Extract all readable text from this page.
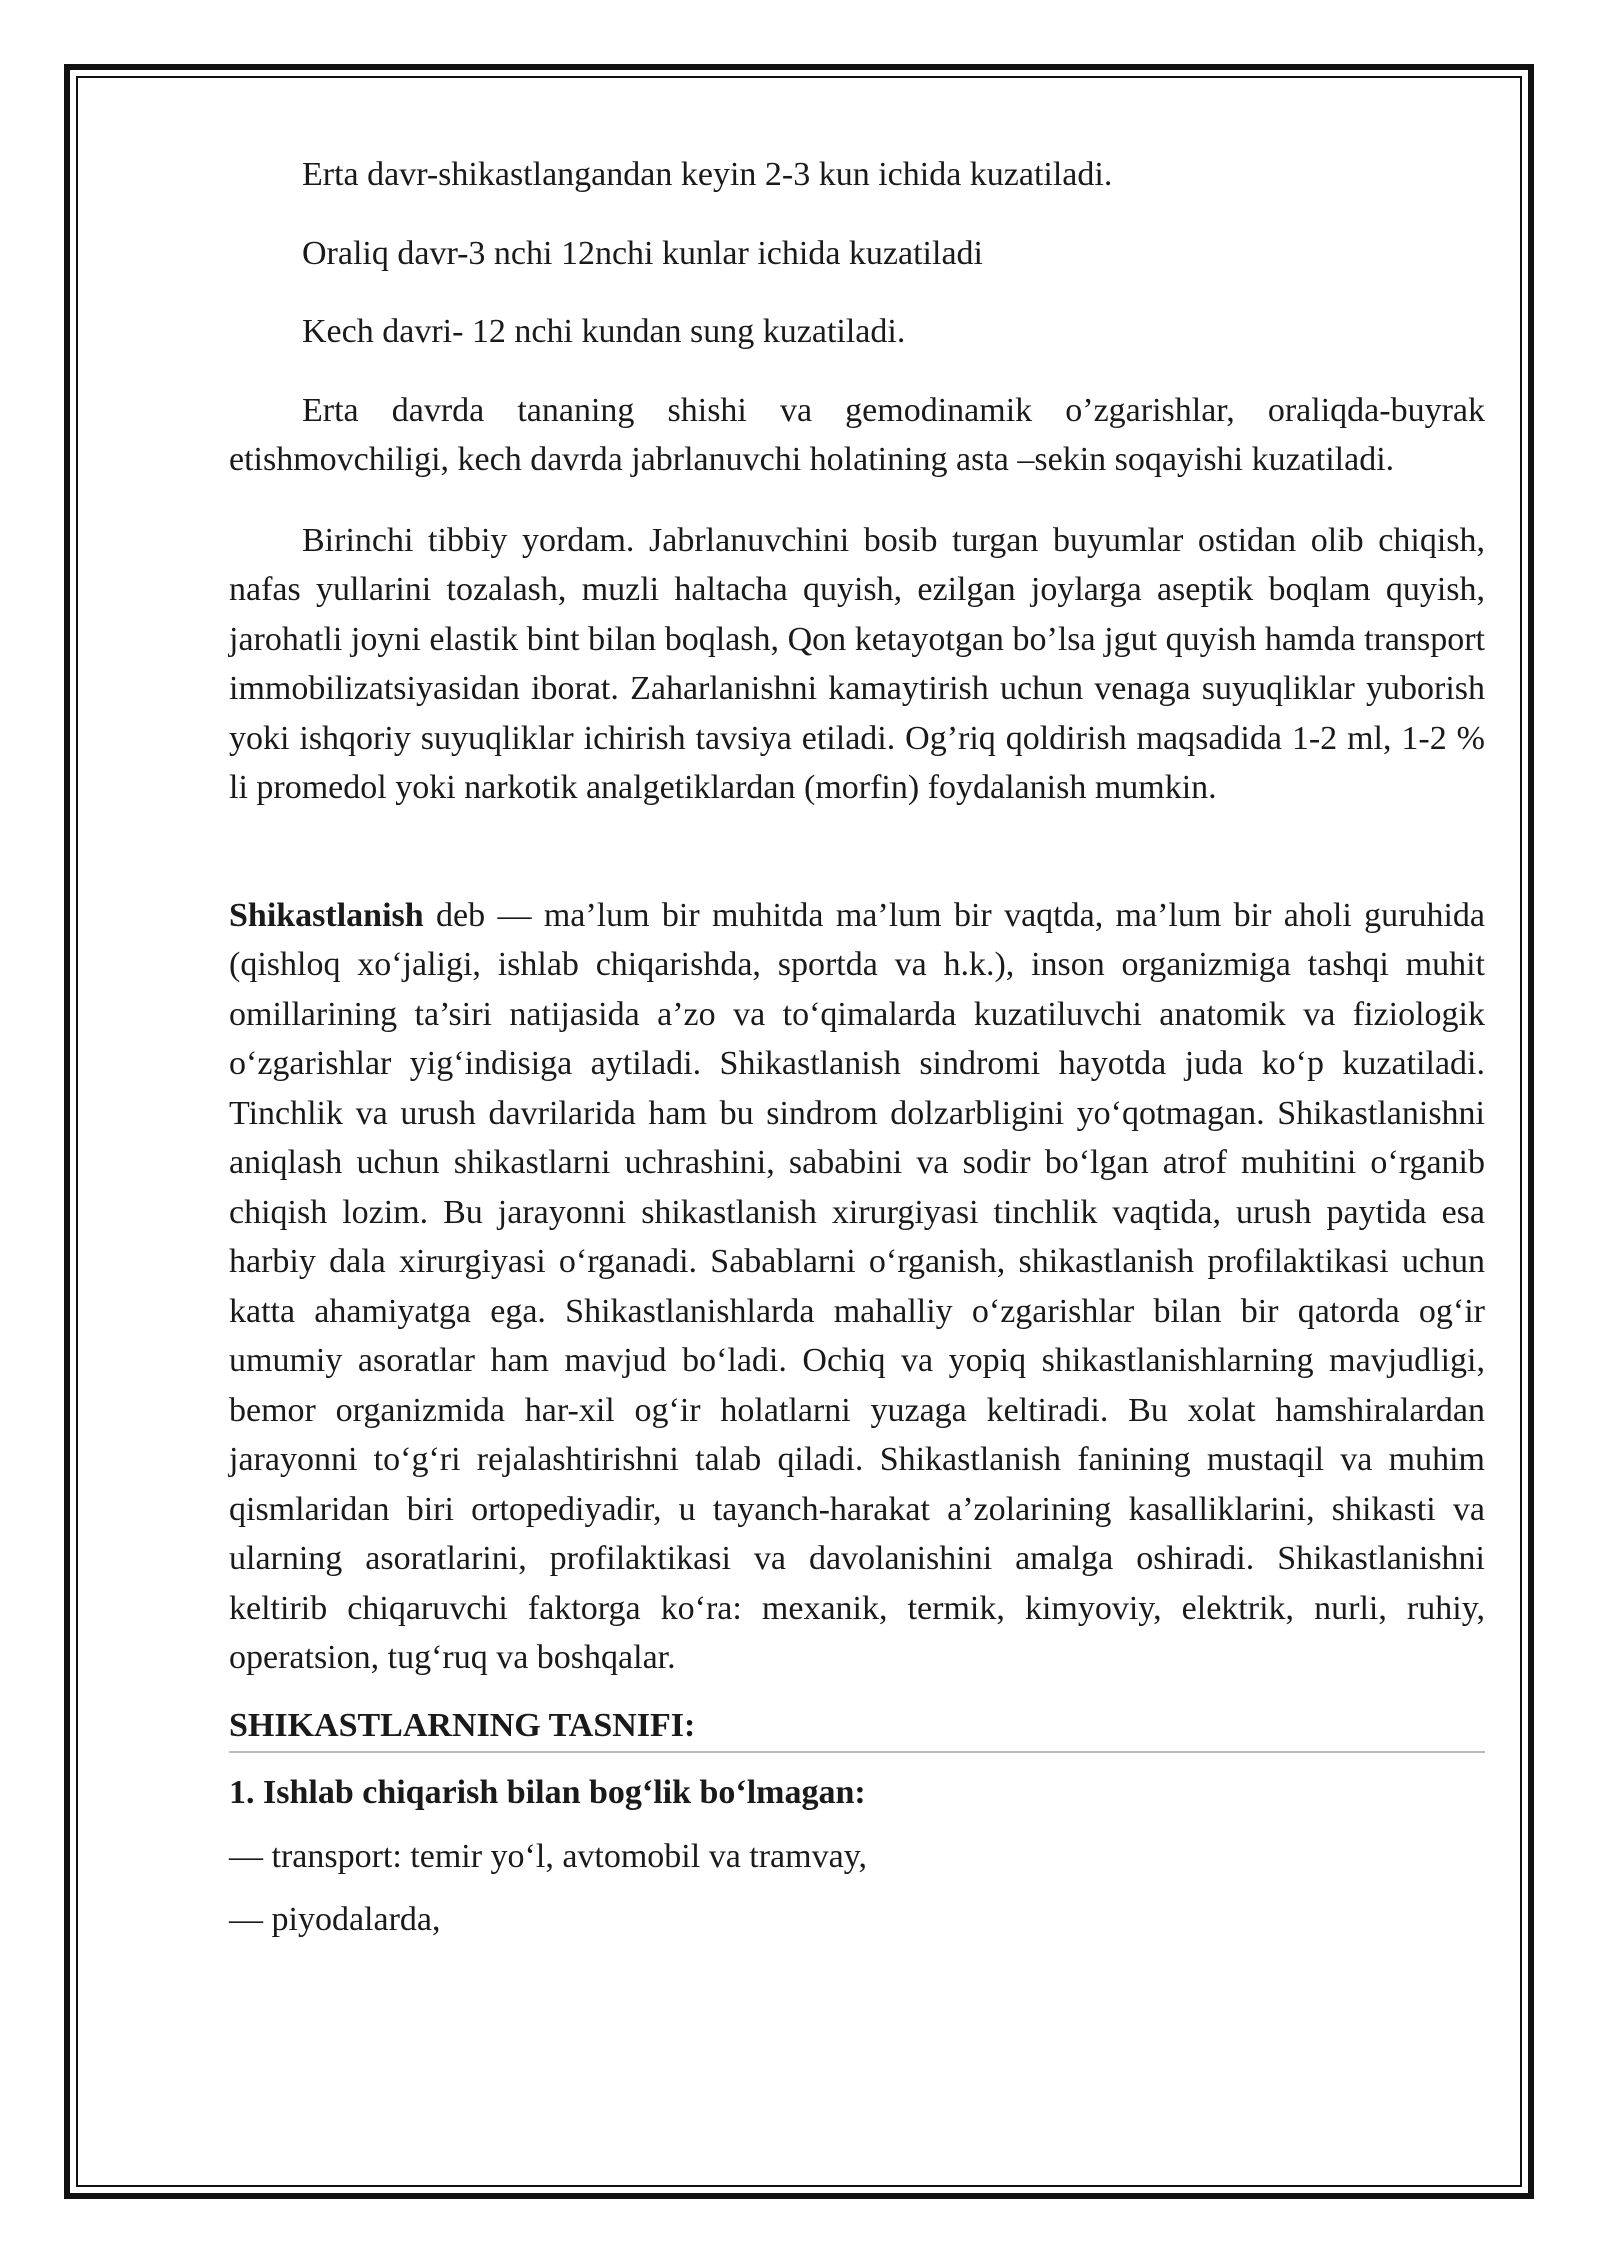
Erta davr-shikastlangandan keyin 2-3 kun ichida kuzatiladi.

Oraliq davr-3 nchi 12nchi kunlar ichida kuzatiladi

Kech davri- 12 nchi kundan sung kuzatiladi.

Erta davrda tananing shishi va gemodinamik o’zgarishlar, oraliqda-buyrak etishmovchiligi, kech davrda jabrlanuvchi holatining asta –sekin soqayishi kuzatiladi.

Birinchi tibbiy yordam. Jabrlanuvchini bosib turgan buyumlar ostidan olib chiqish, nafas yullarini tozalash, muzli haltacha quyish, ezilgan joylarga aseptik boqlam quyish, jarohatli joyni elastik bint bilan boqlash, Qon ketayotgan bo’lsa jgut quyish hamda transport immobilizatsiyasidan iborat. Zaharlanishni kamaytirish uchun venaga suyuqliklar yuborish yoki ishqoriy suyuqliklar ichirish tavsiya etiladi. Og’riq qoldirish maqsadida 1-2 ml, 1-2 % li promedol yoki narkotik analgetiklardan (morfin) foydalanish mumkin.

Shikastlanish deb — ma’lum bir muhitda ma’lum bir vaqtda, ma’lum bir aholi guruhida (qishloq xo‘jaligi, ishlab chiqarishda, sportda va h.k.), inson organizmiga tashqi muhit omillarining ta’siri natijasida a’zo va to‘qimalarda kuzatiluvchi anatomik va fiziologik o‘zgarishlar yig‘indisiga aytiladi. Shikastlanish sindromi hayotda juda ko‘p kuzatiladi. Tinchlik va urush davrilarida ham bu sindrom dolzarbligini yo‘qotmagan. Shikastlanishni aniqlash uchun shikastlarni uchrashini, sababini va sodir bo‘lgan atrof muhitini o‘rganib chiqish lozim. Bu jarayonni shikastlanish xirurgiyasi tinchlik vaqtida, urush paytida esa harbiy dala xirurgiyasi o‘rganadi. Sabablarni o‘rganish, shikastlanish profilaktikasi uchun katta ahamiyatga ega. Shikastlanishlarda mahalliy o‘zgarishlar bilan bir qatorda og‘ir umumiy asoratlar ham mavjud bo‘ladi. Ochiq va yopiq shikastlanishlarning mavjudligi, bemor organizmida har-xil og‘ir holatlarni yuzaga keltiradi. Bu xolat hamshiralardan jarayonni to‘g‘ri rejalashtirishni talab qiladi. Shikastlanish fanining mustaqil va muhim qismlaridan biri ortopediyadir, u tayanch-harakat a’zolarining kasalliklarini, shikasti va ularning asoratlarini, profilaktikasi va davolanishini amalga oshiradi. Shikastlanishni keltirib chiqaruvchi faktorga ko‘ra: mexanik, termik, kimyoviy, elektrik, nurli, ruhiy, operatsion, tug‘ruq va boshqalar.

SHIKASTLARNING TASNIFI:
1. Ishlab chiqarish bilan bog‘lik bo‘lmagan:
— transport: temir yo‘l, avtomobil va tramvay,
— piyodalarda,
